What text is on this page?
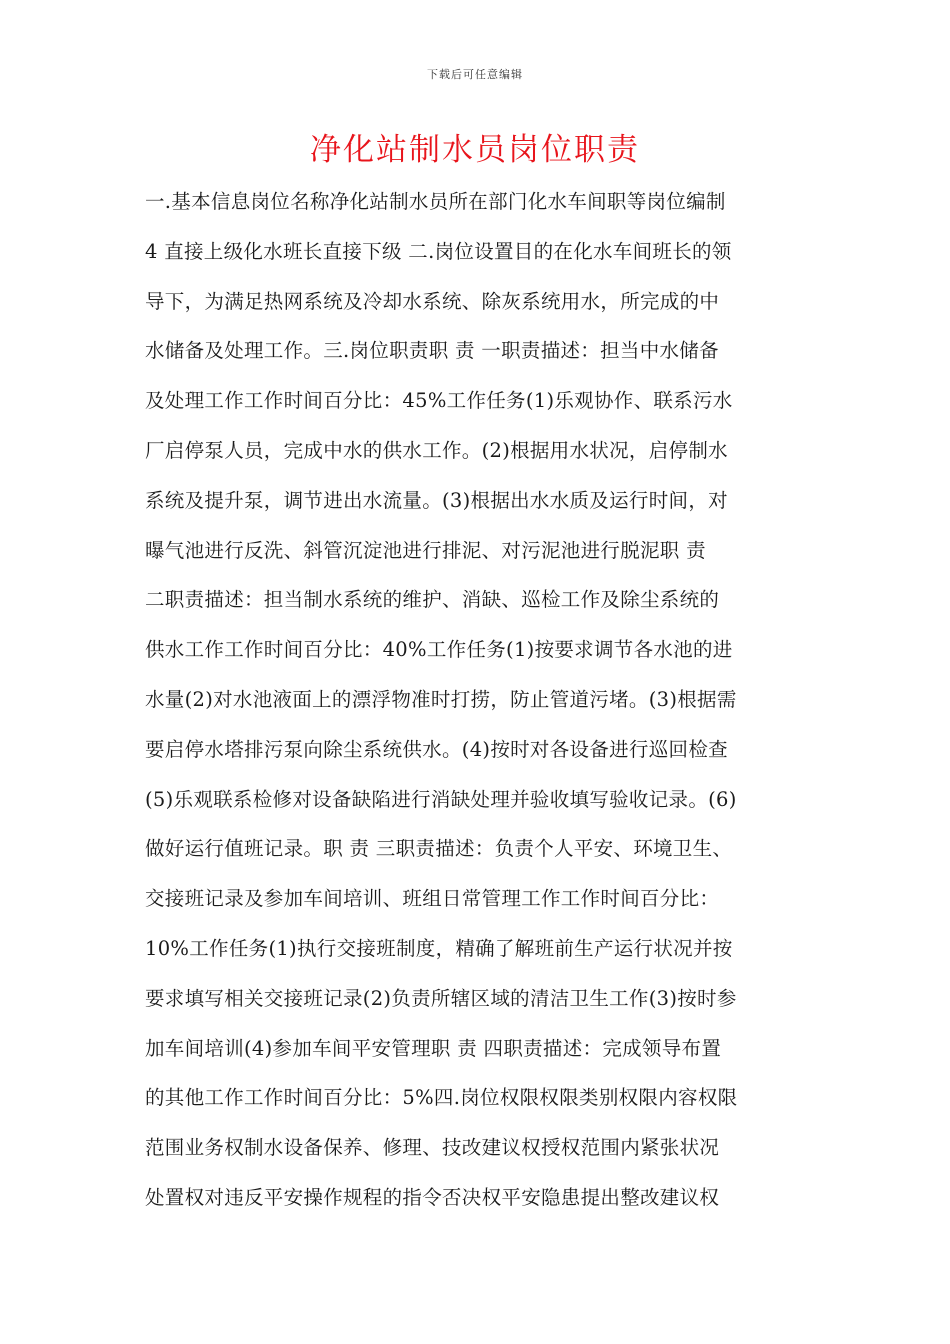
下载后可任意编辑
净化站制水员岗位职责
一.基本信息岗位名称净化站制水员所在部门化水车间职等岗位编制
4 直接上级化水班长直接下级 二.岗位设置目的在化水车间班长的领
导下，为满足热网系统及冷却水系统、除灰系统用水，所完成的中
水储备及处理工作。三.岗位职责职 责 一职责描述：担当中水储备
及处理工作工作时间百分比：45%工作任务(1)乐观协作、联系污水
厂启停泵人员，完成中水的供水工作。(2)根据用水状况，启停制水
系统及提升泵，调节进出水流量。(3)根据出水水质及运行时间，对
曝气池进行反洗、斜管沉淀池进行排泥、对污泥池进行脱泥职 责
二职责描述：担当制水系统的维护、消缺、巡检工作及除尘系统的
供水工作工作时间百分比：40%工作任务(1)按要求调节各水池的进
水量(2)对水池液面上的漂浮物准时打捞，防止管道污堵。(3)根据需
要启停水塔排污泵向除尘系统供水。(4)按时对各设备进行巡回检查
(5)乐观联系检修对设备缺陷进行消缺处理并验收填写验收记录。(6)
做好运行值班记录。职 责 三职责描述：负责个人平安、环境卫生、
交接班记录及参加车间培训、班组日常管理工作工作时间百分比：
10%工作任务(1)执行交接班制度，精确了解班前生产运行状况并按
要求填写相关交接班记录(2)负责所辖区域的清洁卫生工作(3)按时参
加车间培训(4)参加车间平安管理职 责 四职责描述：完成领导布置
的其他工作工作时间百分比：5%四.岗位权限权限类别权限内容权限
范围业务权制水设备保养、修理、技改建议权授权范围内紧张状况
处置权对违反平安操作规程的指令否决权平安隐患提出整改建议权
